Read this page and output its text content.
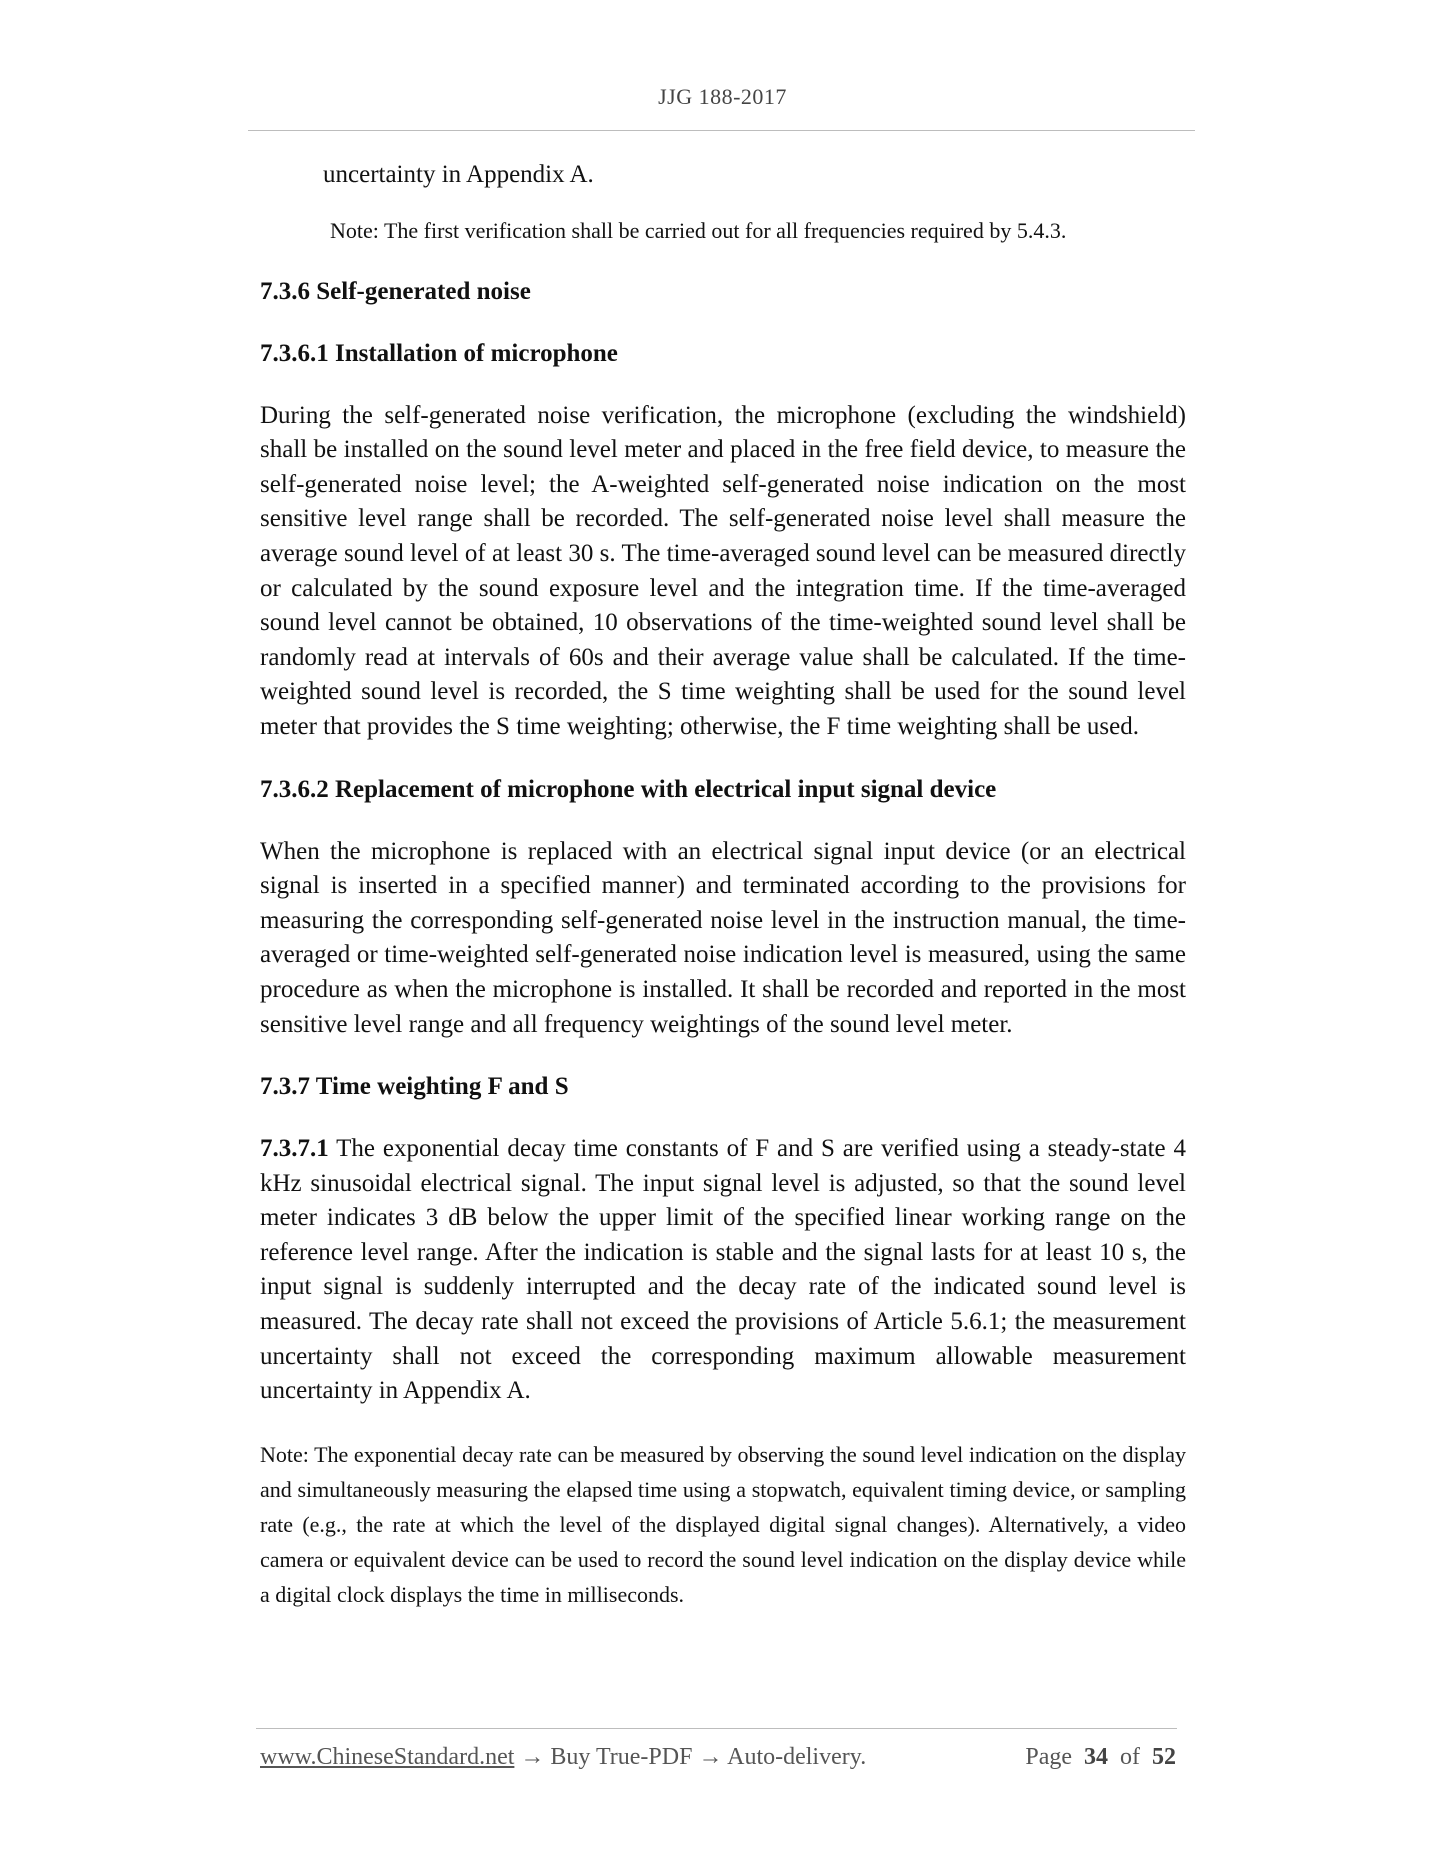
JJG 188-2017

uncertainty in Appendix A.

Note: The first verification shall be carried out for all frequencies required by 5.4.3.

7.3.6 Self-generated noise

7.3.6.1 Installation of microphone

During the self-generated noise verification, the microphone (excluding the windshield) shall be installed on the sound level meter and placed in the free field device, to measure the self-generated noise level; the A-weighted self-generated noise indication on the most sensitive level range shall be recorded. The self-generated noise level shall measure the average sound level of at least 30 s. The time-averaged sound level can be measured directly or calculated by the sound exposure level and the integration time. If the time-averaged sound level cannot be obtained, 10 observations of the time-weighted sound level shall be randomly read at intervals of 60s and their average value shall be calculated. If the time-weighted sound level is recorded, the S time weighting shall be used for the sound level meter that provides the S time weighting; otherwise, the F time weighting shall be used.

7.3.6.2 Replacement of microphone with electrical input signal device

When the microphone is replaced with an electrical signal input device (or an electrical signal is inserted in a specified manner) and terminated according to the provisions for measuring the corresponding self-generated noise level in the instruction manual, the time-averaged or time-weighted self-generated noise indication level is measured, using the same procedure as when the microphone is installed. It shall be recorded and reported in the most sensitive level range and all frequency weightings of the sound level meter.

7.3.7 Time weighting F and S

7.3.7.1 The exponential decay time constants of F and S are verified using a steady-state 4 kHz sinusoidal electrical signal. The input signal level is adjusted, so that the sound level meter indicates 3 dB below the upper limit of the specified linear working range on the reference level range. After the indication is stable and the signal lasts for at least 10 s, the input signal is suddenly interrupted and the decay rate of the indicated sound level is measured. The decay rate shall not exceed the provisions of Article 5.6.1; the measurement uncertainty shall not exceed the corresponding maximum allowable measurement uncertainty in Appendix A.

Note: The exponential decay rate can be measured by observing the sound level indication on the display and simultaneously measuring the elapsed time using a stopwatch, equivalent timing device, or sampling rate (e.g., the rate at which the level of the displayed digital signal changes). Alternatively, a video camera or equivalent device can be used to record the sound level indication on the display device while a digital clock displays the time in milliseconds.

www.ChineseStandard.net → Buy True-PDF → Auto-delivery.	Page 34 of 52
